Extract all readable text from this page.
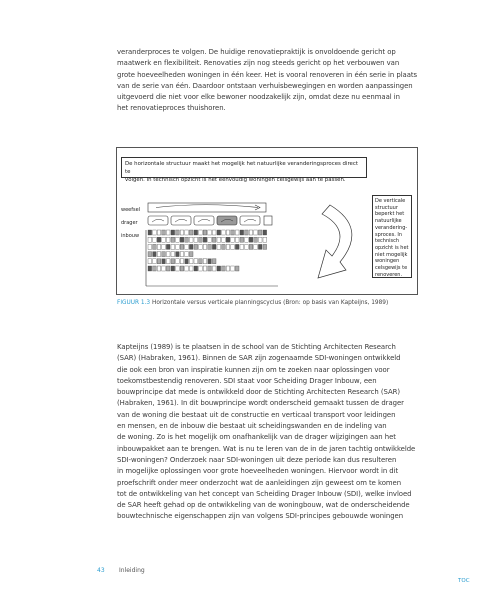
veranderproces te volgen. De huidige renovatiepraktijk is onvoldoende gericht op
maatwerk en flexibiliteit. Renovaties zijn nog steeds gericht op het verbouwen van
grote hoeveelheden woningen in één keer. Het is vooral renoveren in één serie in plaats
van de serie van één. Daardoor ontstaan verhuisbewegingen en worden aanpassingen
uitgevoerd die niet voor elke bewoner noodzakelijk zijn, omdat deze nu eenmaal in
het renovatieproces thuishoren.
De horizontale structuur maakt het mogelijk het natuurlijke veranderingsproces direct te
volgen. In technisch opzicht is het eenvoudig woningen celsgewijs aan te passen.
weefsel
drager
inbouw
De verticale
structuur
beperkt het
natuurlijke
verandering-
sproces. In
technisch
opzicht is het
niet mogelijk
woningen
celsgewijs te
renoveren.
FIGUUR 1.3 Horizontale versus verticale planningscyclus (Bron: op basis van Kapteijns, 1989)
Kapteijns (1989) is te plaatsen in de school van de Stichting Architecten Research
(SAR) (Habraken, 1961). Binnen de SAR zijn zogenaamde SDI-woningen ontwikkeld
die ook een bron van inspiratie kunnen zijn om te zoeken naar oplossingen voor
toekomstbestendig renoveren. SDI staat voor Scheiding Drager Inbouw, een
bouwprincipe dat mede is ontwikkeld door de Stichting Architecten Research (SAR)
(Habraken, 1961). In dit bouwprincipe wordt onderscheid gemaakt tussen de drager
van de woning die bestaat uit de constructie en verticaal transport voor leidingen
en mensen, en de inbouw die bestaat uit scheidingswanden en de indeling van
de woning. Zo is het mogelijk om onafhankelijk van de drager wijzigingen aan het
inbouwpakket aan te brengen. Wat is nu te leren van de in de jaren tachtig ontwikkelde
SDI-woningen? Onderzoek naar SDI-woningen uit deze periode kan dus resulteren
in mogelijke oplossingen voor grote hoeveelheden woningen. Hiervoor wordt in dit
proefschrift onder meer onderzocht wat de aanleidingen zijn geweest om te komen
tot de ontwikkeling van het concept van Scheiding Drager Inbouw (SDI), welke invloed
de SAR heeft gehad op de ontwikkeling van de woningbouw, wat de onderscheidende
bouwtechnische eigenschappen zijn van volgens SDI-principes gebouwde woningen
43 Inleiding
TOC
